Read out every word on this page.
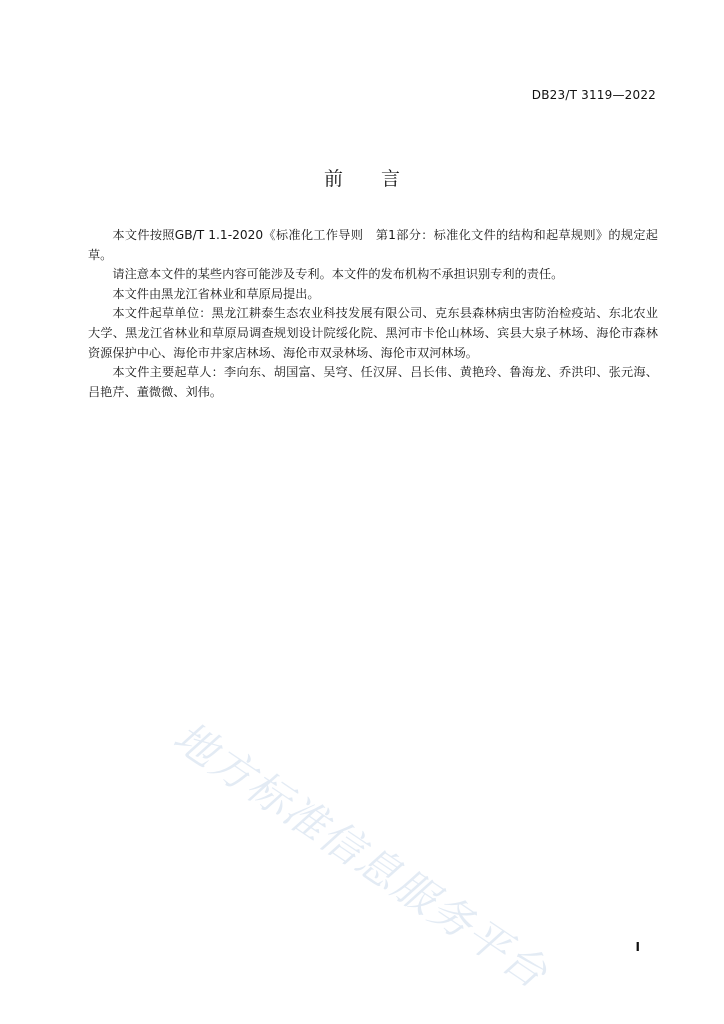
DB23/T 3119—2022
前言

本文件按照GB/T 1.1-2020《标准化工作导则　第1部分：标准化文件的结构和起草规则》的规定起草。

请注意本文件的某些内容可能涉及专利。本文件的发布机构不承担识别专利的责任。

本文件由黑龙江省林业和草原局提出。

本文件起草单位：黑龙江耕泰生态农业科技发展有限公司、克东县森林病虫害防治检疫站、东北农业大学、黑龙江省林业和草原局调查规划设计院绥化院、黑河市卡伦山林场、宾县大泉子林场、海伦市森林资源保护中心、海伦市井家店林场、海伦市双录林场、海伦市双河林场。

本文件主要起草人：李向东、胡国富、吴穹、任汉屏、吕长伟、黄艳玲、鲁海龙、乔洪印、张元海、吕艳芹、董微微、刘伟。

地方标准信息服务平台	I
